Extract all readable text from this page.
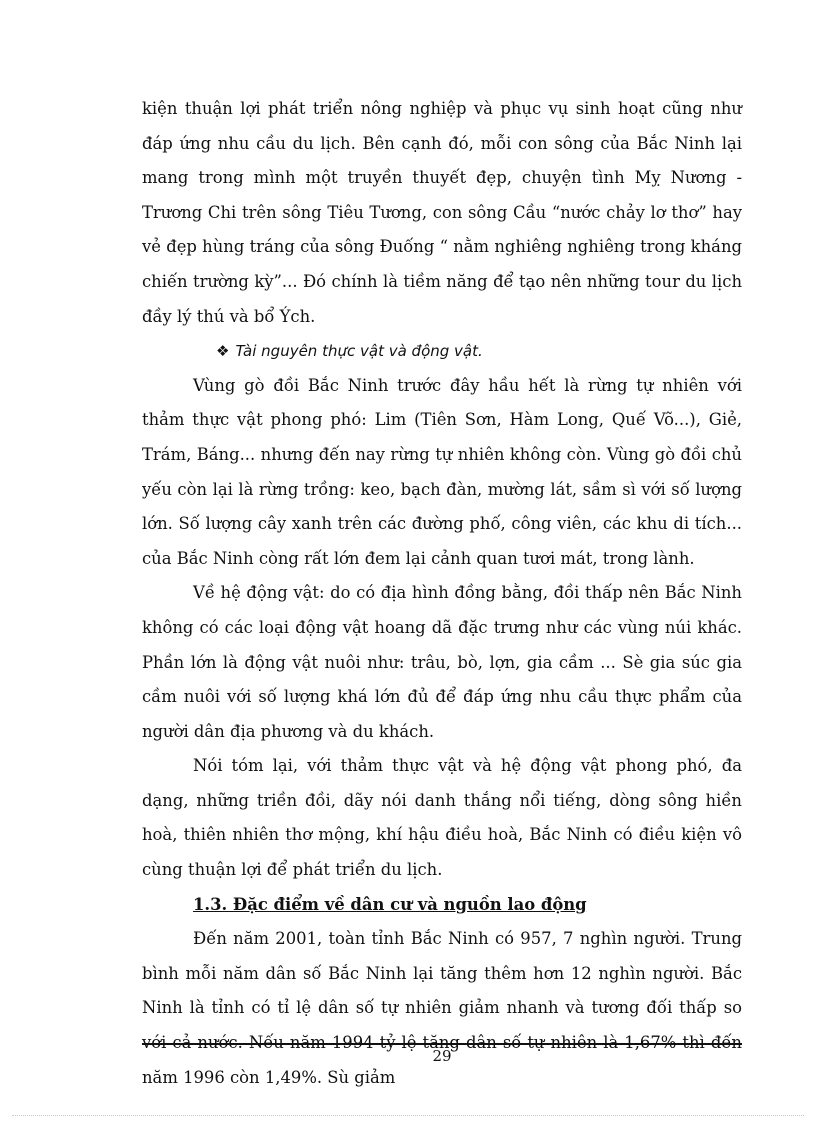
kiện thuận lợi phát triển nông nghiệp và phục vụ sinh hoạt cũng như đáp ứng nhu cầu du lịch. Bên cạnh đó, mỗi con sông của Bắc Ninh lại mang trong mình một truyền thuyết đẹp, chuyện tình Mỵ Nương - Trương Chi trên sông Tiêu Tương, con sông Cầu “nước chảy lơ thơ” hay vẻ đẹp hùng tráng của sông Đuống “ nằm nghiêng nghiêng trong kháng chiến trường kỳ”... Đó chính là tiềm năng để tạo nên những tour du lịch đầy lý thú và bổ Ých.

❖ Tài nguyên thực vật và động vật.

Vùng gò đồi Bắc Ninh trước đây hầu hết là rừng tự nhiên với thảm thực vật phong phó: Lim (Tiên Sơn, Hàm Long, Quế Võ...), Giẻ, Trám, Báng... nhưng đến nay rừng tự nhiên không còn. Vùng gò đồi chủ yếu còn lại là rừng trồng: keo, bạch đàn, mường lát, sầm sì với số lượng lớn. Số lượng cây xanh trên các đường phố, công viên, các khu di tích... của Bắc Ninh còng rất lớn đem lại cảnh quan tươi mát, trong lành.

Về hệ động vật: do có địa hình đồng bằng, đồi thấp nên Bắc Ninh không có các loại động vật hoang dã đặc trưng như các vùng núi khác. Phần lớn là động vật nuôi như: trâu, bò, lợn, gia cầm ... Sè gia súc gia cầm nuôi với số lượng khá lớn đủ để đáp ứng nhu cầu thực phẩm của người dân địa phương và du khách.

Nói tóm lại, với thảm thực vật và hệ động vật phong phó, đa dạng, những triền đồi, dãy nói danh thắng nổi tiếng, dòng sông hiền hoà, thiên nhiên thơ mộng, khí hậu điều hoà, Bắc Ninh có điều kiện vô cùng thuận lợi để phát triển du lịch.

1.3. Đặc điểm về dân cư và nguồn lao động

Đến năm 2001, toàn tỉnh Bắc Ninh có 957, 7 nghìn người. Trung bình mỗi năm dân số Bắc Ninh lại tăng thêm hơn 12 nghìn người. Bắc Ninh là tỉnh có tỉ lệ dân số tự nhiên giảm nhanh và tương đối thấp so với cả nước. Nếu năm 1994 tỷ lệ tăng dân số tự nhiên là 1,67% thì đến năm 1996 còn 1,49%. Sù giảm

29
